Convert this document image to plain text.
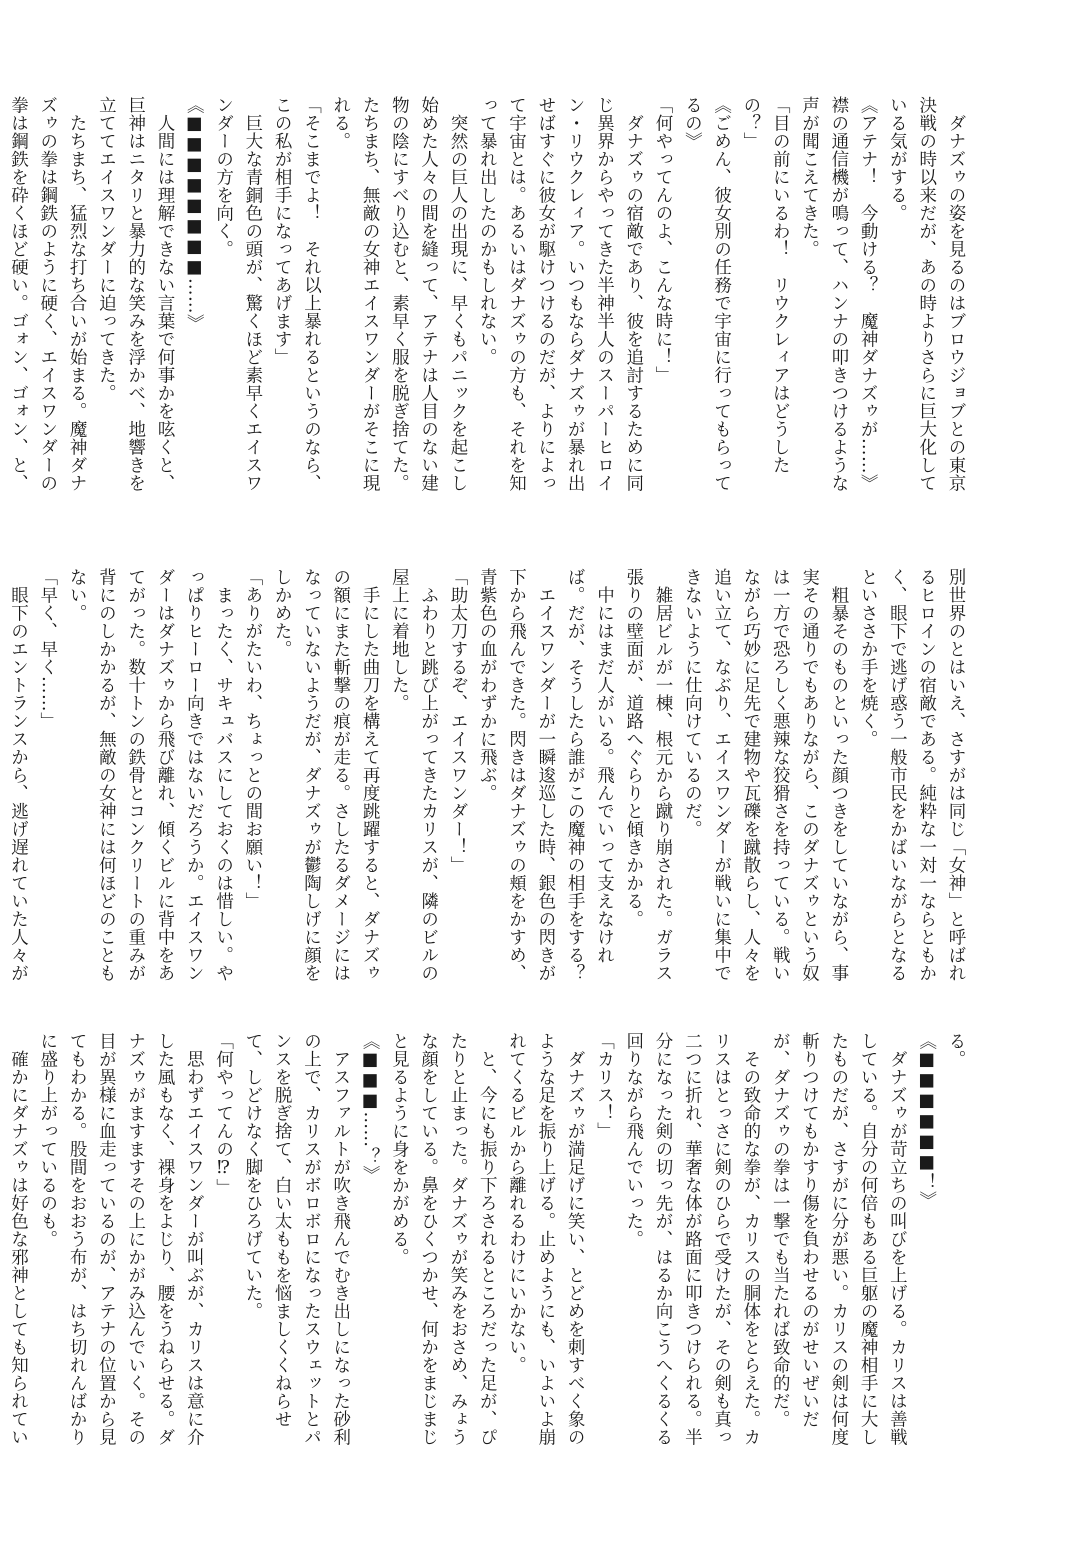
ダナズゥの姿を見るのはブロウジョブとの東京決戦の時以来だが、あの時よりさらに巨大化している気がする。

《アテナ！　今動ける？　魔神ダナズゥが……》襟の通信機が鳴って、ハンナの叩きつけるような声が聞こえてきた。

「目の前にいるわ！　リウクレィアはどうしたの？」

《ごめん、彼女別の任務で宇宙に行ってもらってるの》

「何やってんのよ、こんな時に！」

ダナズゥの宿敵であり、彼を追討するために同じ異界からやってきた半神半人のスーパーヒロイン・リウクレィア。いつもならダナズゥが暴れ出せばすぐに彼女が駆けつけるのだが、よりによって宇宙とは。あるいはダナズゥの方も、それを知って暴れ出したのかもしれない。

突然の巨人の出現に、早くもパニックを起こし始めた人々の間を縫って、アテナは人目のない建物の陰にすべり込むと、素早く服を脱ぎ捨てた。たちまち、無敵の女神エイスワンダーがそこに現れる。

「そこまでよ！　それ以上暴れるというのなら、この私が相手になってあげます」

巨大な青銅色の頭が、驚くほど素早くエイスワンダーの方を向く。

《■■■■■■■■……》

人間には理解できない言葉で何事かを呟くと、巨神はニタリと暴力的な笑みを浮かべ、地響きを立ててエイスワンダーに迫ってきた。

たちまち、猛烈な打ち合いが始まる。魔神ダナズゥの拳は鋼鉄のように硬く、エイスワンダーの拳は鋼鉄を砕くほど硬い。ゴォン、ゴォン、と、

別世界のとはいえ、さすがは同じ「女神」と呼ばれるヒロインの宿敵である。純粋な一対一ならともかく、眼下で逃げ惑う一般市民をかばいながらとなるといささか手を焼く。

粗暴そのものといった顔つきをしていながら、事実その通りでもありながら、このダナズゥという奴は一方で恐ろしく悪辣な狡猾さを持っている。戦いながら巧妙に足先で建物や瓦礫を蹴散らし、人々を追い立て、なぶり、エイスワンダーが戦いに集中できないように仕向けているのだ。

雑居ビルが一棟、根元から蹴り崩された。ガラス張りの壁面が、道路へぐらりと傾きかかる。

中にはまだ人がいる。飛んでいって支えなければ。だが、そうしたら誰がこの魔神の相手をする？

エイスワンダーが一瞬逡巡した時、銀色の閃きが下から飛んできた。閃きはダナズゥの頬をかすめ、青紫色の血がわずかに飛ぶ。

「助太刀するぞ、エイスワンダー！」

ふわりと跳び上がってきたカリスが、隣のビルの屋上に着地した。

手にした曲刀を構えて再度跳躍すると、ダナズゥの額にまた斬撃の痕が走る。さしたるダメージにはなっていないようだが、ダナズゥが鬱陶しげに顔をしかめた。

「ありがたいわ、ちょっとの間お願い！」

まったく、サキュバスにしておくのは惜しい。やっぱりヒーロー向きではないだろうか。エイスワンダーはダナズゥから飛び離れ、傾くビルに背中をあてがった。数十トンの鉄骨とコンクリートの重みが背にのしかかるが、無敵の女神には何ほどのこともない。

「早く、早く……」

眼下のエントランスから、逃げ遅れていた人々が

る。

《■■■■■■！》

ダナズゥが苛立ちの叫びを上げる。カリスは善戦している。自分の何倍もある巨躯の魔神相手に大したものだが、さすがに分が悪い。カリスの剣は何度斬りつけてもかすり傷を負わせるのがせいぜいだが、ダナズゥの拳は一撃でも当たれば致命的だ。

その致命的な拳が、カリスの胴体をとらえた。カリスはとっさに剣のひらで受けたが、その剣も真っ二つに折れ、華奢な体が路面に叩きつけられる。半分になった剣の切っ先が、はるか向こうへくるくる回りながら飛んでいった。

「カリス！」

ダナズゥが満足げに笑い、とどめを刺すべく象のような足を振り上げる。止めようにも、いよいよ崩れてくるビルから離れるわけにいかない。

と、今にも振り下ろされるところだった足が、ぴたりと止まった。ダナズゥが笑みをおさめ、みょうな顔をしている。鼻をひくつかせ、何かをまじまじと見るように身をかがめる。

《■■■……？》

アスファルトが吹き飛んでむき出しになった砂利の上で、カリスがボロボロになったスウェットとパンスを脱ぎ捨て、白い太ももを悩ましくくねらせて、しどけなく脚をひろげていた。

「何やってんの⁉」

思わずエイスワンダーが叫ぶが、カリスは意に介した風もなく、裸身をよじり、腰をうねらせる。ダナズゥがますますその上にかがみ込んでいく。その目が異様に血走っているのが、アテナの位置から見てもわかる。股間をおおう布が、はち切れんばかりに盛り上がっているのも。

確かにダナズゥは好色な邪神としても知られてい
